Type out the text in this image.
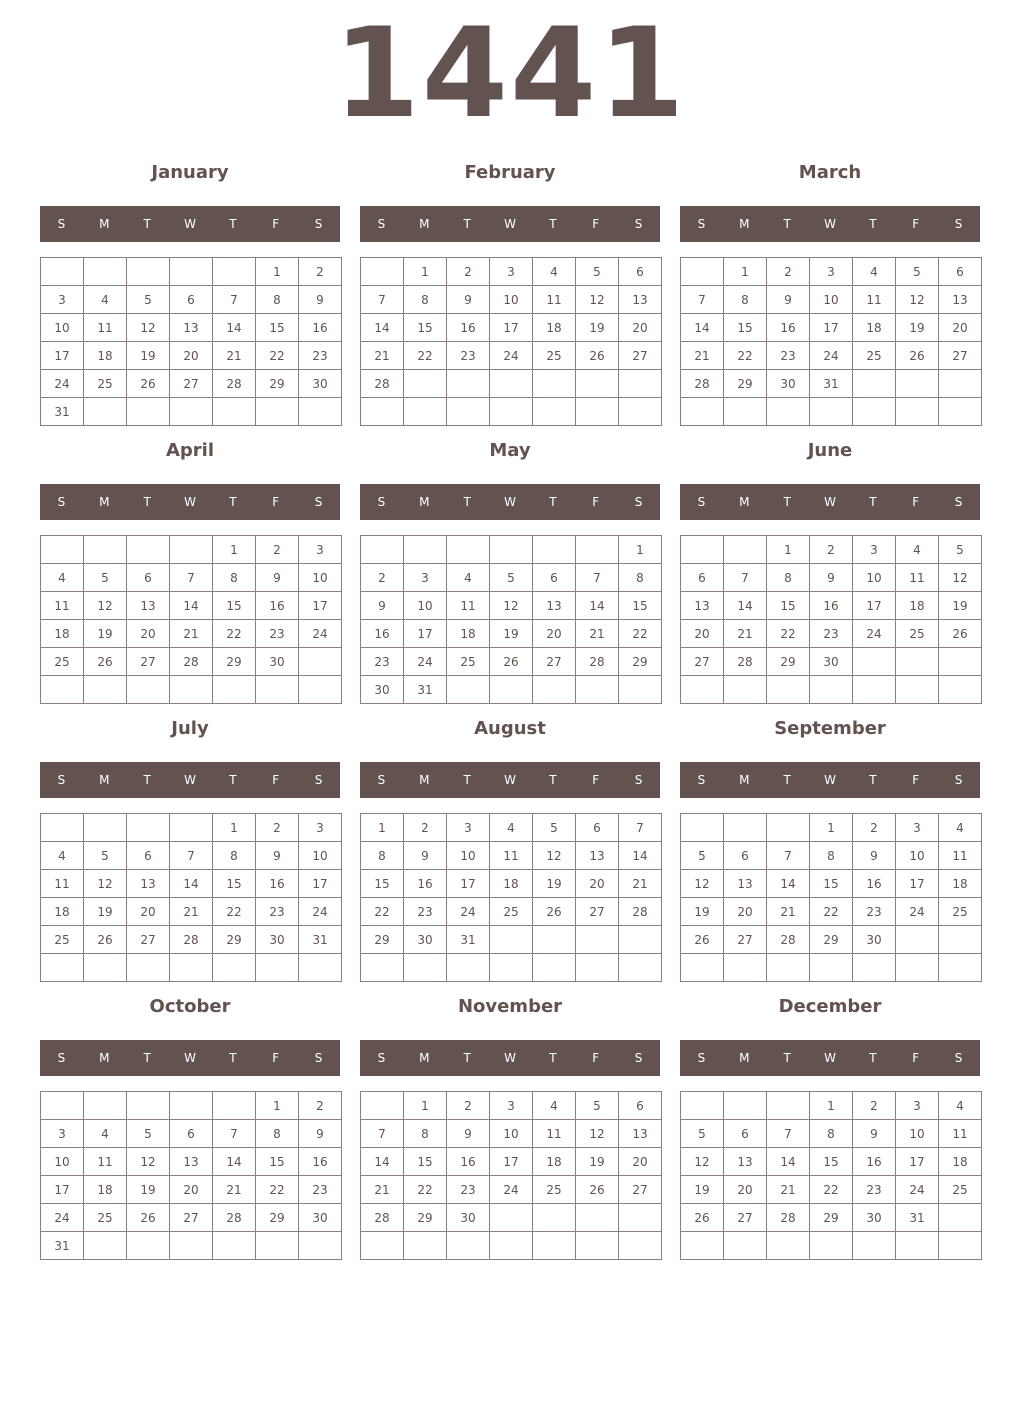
1441
January
S	M	T	W	T	F	S
					1	2
3	4	5	6	7	8	9
10	11	12	13	14	15	16
17	18	19	20	21	22	23
24	25	26	27	28	29	30
31						
February
S	M	T	W	T	F	S
	1	2	3	4	5	6
7	8	9	10	11	12	13
14	15	16	17	18	19	20
21	22	23	24	25	26	27
28						

March
S	M	T	W	T	F	S
	1	2	3	4	5	6
7	8	9	10	11	12	13
14	15	16	17	18	19	20
21	22	23	24	25	26	27
28	29	30	31			

April
S	M	T	W	T	F	S
				1	2	3
4	5	6	7	8	9	10
11	12	13	14	15	16	17
18	19	20	21	22	23	24
25	26	27	28	29	30	

May
S	M	T	W	T	F	S
						1
2	3	4	5	6	7	8
9	10	11	12	13	14	15
16	17	18	19	20	21	22
23	24	25	26	27	28	29
30	31					
June
S	M	T	W	T	F	S
		1	2	3	4	5
6	7	8	9	10	11	12
13	14	15	16	17	18	19
20	21	22	23	24	25	26
27	28	29	30			

July
S	M	T	W	T	F	S
				1	2	3
4	5	6	7	8	9	10
11	12	13	14	15	16	17
18	19	20	21	22	23	24
25	26	27	28	29	30	31

August
S	M	T	W	T	F	S
1	2	3	4	5	6	7
8	9	10	11	12	13	14
15	16	17	18	19	20	21
22	23	24	25	26	27	28
29	30	31				

September
S	M	T	W	T	F	S
			1	2	3	4
5	6	7	8	9	10	11
12	13	14	15	16	17	18
19	20	21	22	23	24	25
26	27	28	29	30		

October
S	M	T	W	T	F	S
					1	2
3	4	5	6	7	8	9
10	11	12	13	14	15	16
17	18	19	20	21	22	23
24	25	26	27	28	29	30
31						
November
S	M	T	W	T	F	S
	1	2	3	4	5	6
7	8	9	10	11	12	13
14	15	16	17	18	19	20
21	22	23	24	25	26	27
28	29	30				

December
S	M	T	W	T	F	S
			1	2	3	4
5	6	7	8	9	10	11
12	13	14	15	16	17	18
19	20	21	22	23	24	25
26	27	28	29	30	31	
